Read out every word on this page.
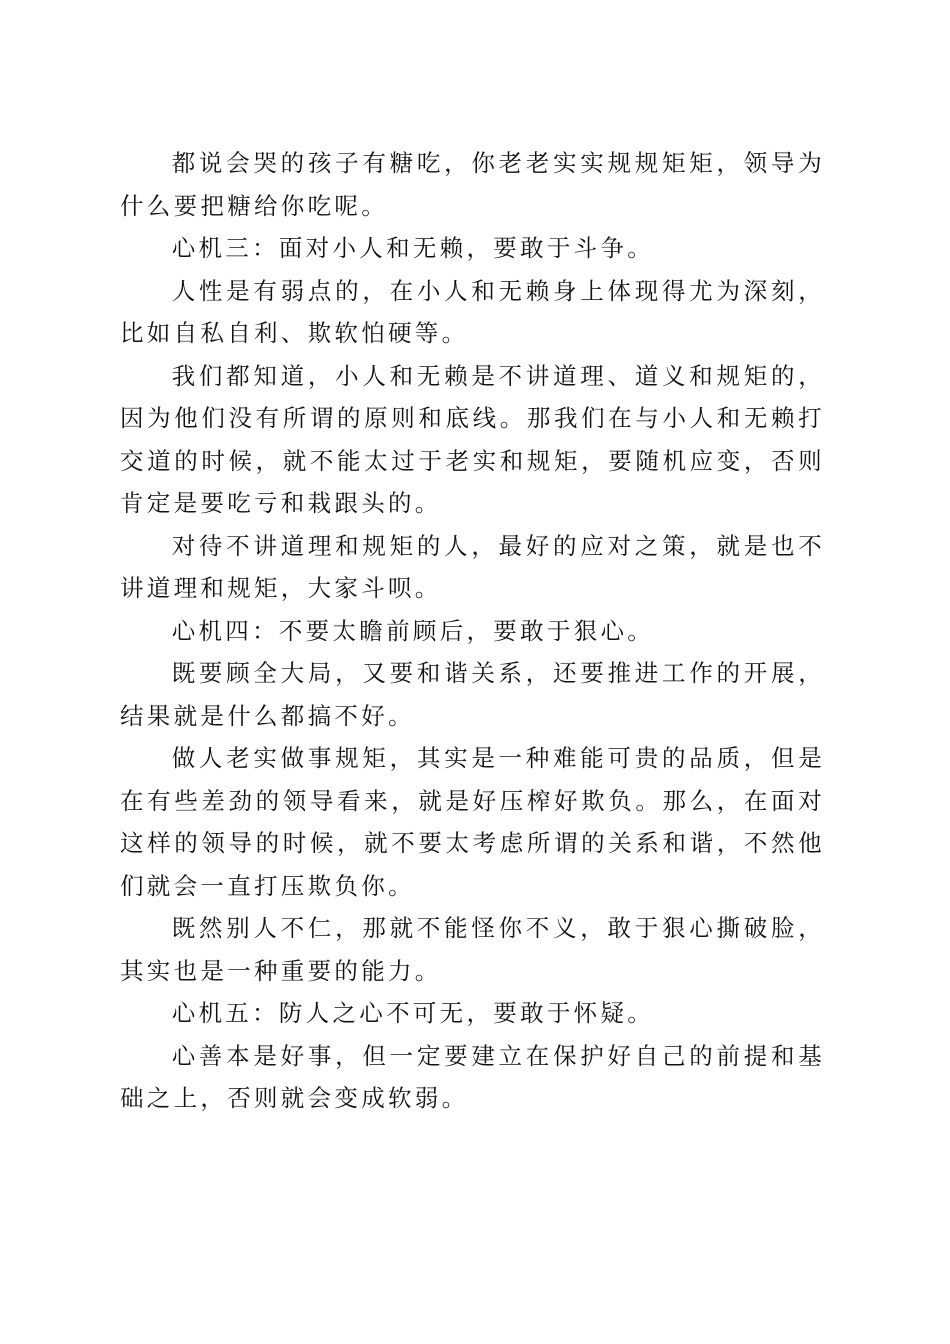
都说会哭的孩子有糖吃，你老老实实规规矩矩，领导为什么要把糖给你吃呢。

心机三：面对小人和无赖，要敢于斗争。

人性是有弱点的，在小人和无赖身上体现得尤为深刻，比如自私自利、欺软怕硬等。

我们都知道，小人和无赖是不讲道理、道义和规矩的，因为他们没有所谓的原则和底线。那我们在与小人和无赖打交道的时候，就不能太过于老实和规矩，要随机应变，否则肯定是要吃亏和栽跟头的。

对待不讲道理和规矩的人，最好的应对之策，就是也不讲道理和规矩，大家斗呗。

心机四：不要太瞻前顾后，要敢于狠心。

既要顾全大局，又要和谐关系，还要推进工作的开展，结果就是什么都搞不好。

做人老实做事规矩，其实是一种难能可贵的品质，但是在有些差劲的领导看来，就是好压榨好欺负。那么，在面对这样的领导的时候，就不要太考虑所谓的关系和谐，不然他们就会一直打压欺负你。

既然别人不仁，那就不能怪你不义，敢于狠心撕破脸，其实也是一种重要的能力。

心机五：防人之心不可无，要敢于怀疑。

心善本是好事，但一定要建立在保护好自己的前提和基础之上，否则就会变成软弱。
